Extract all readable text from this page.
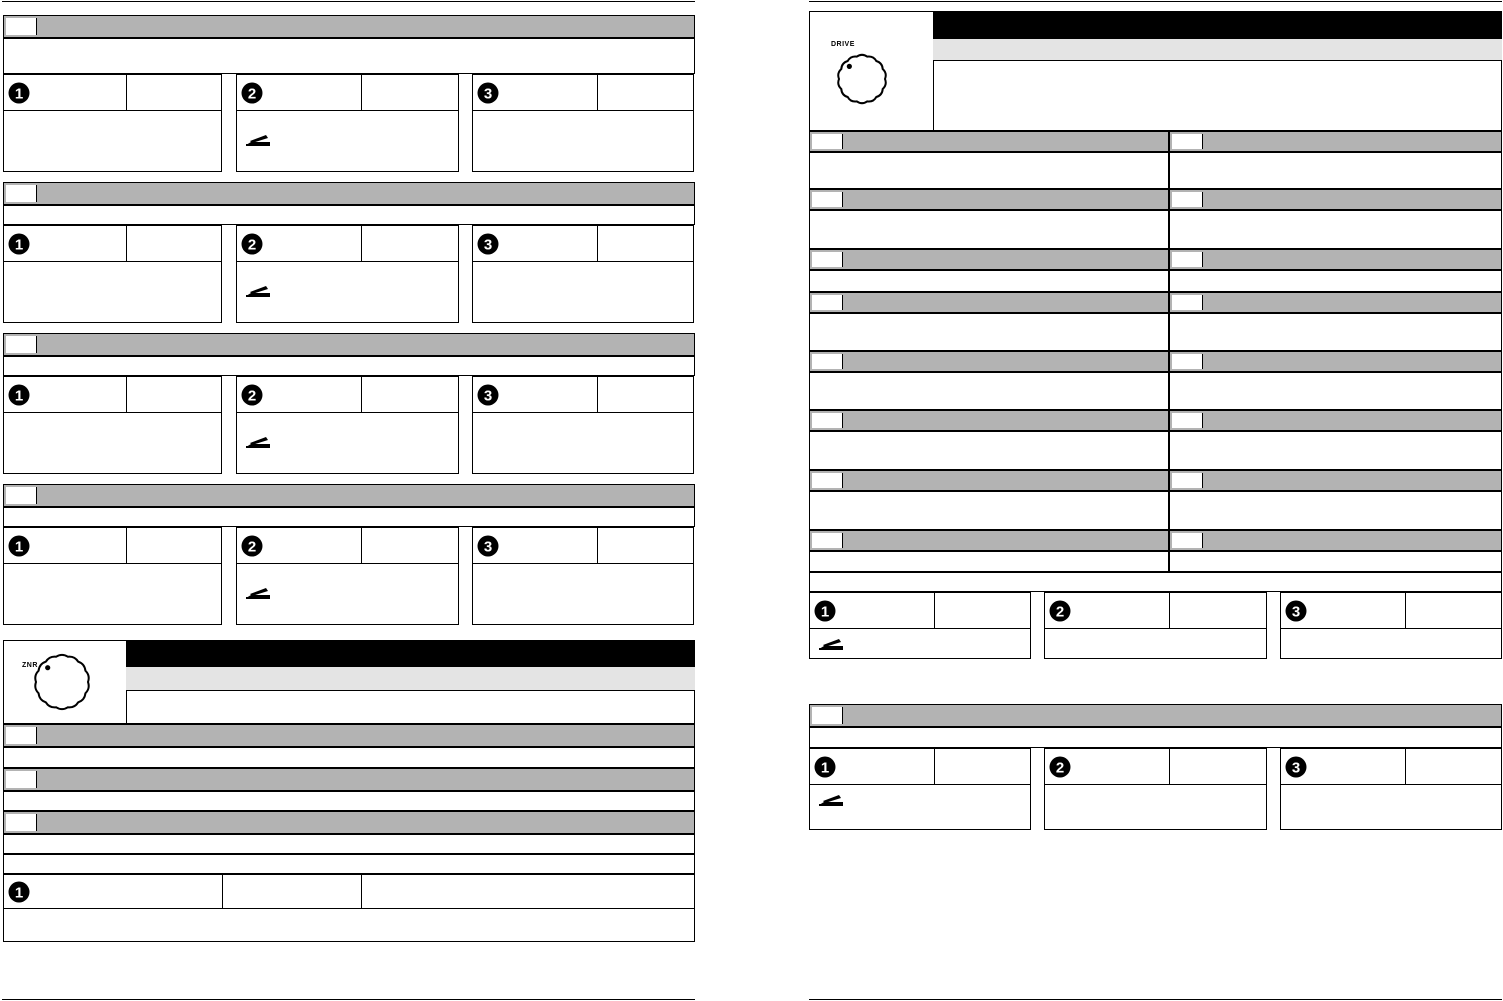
1	2	3
1	2	3
1	2	3
1	2	3
ZNR
1
DRIVE
1	2	3
1	2	3
